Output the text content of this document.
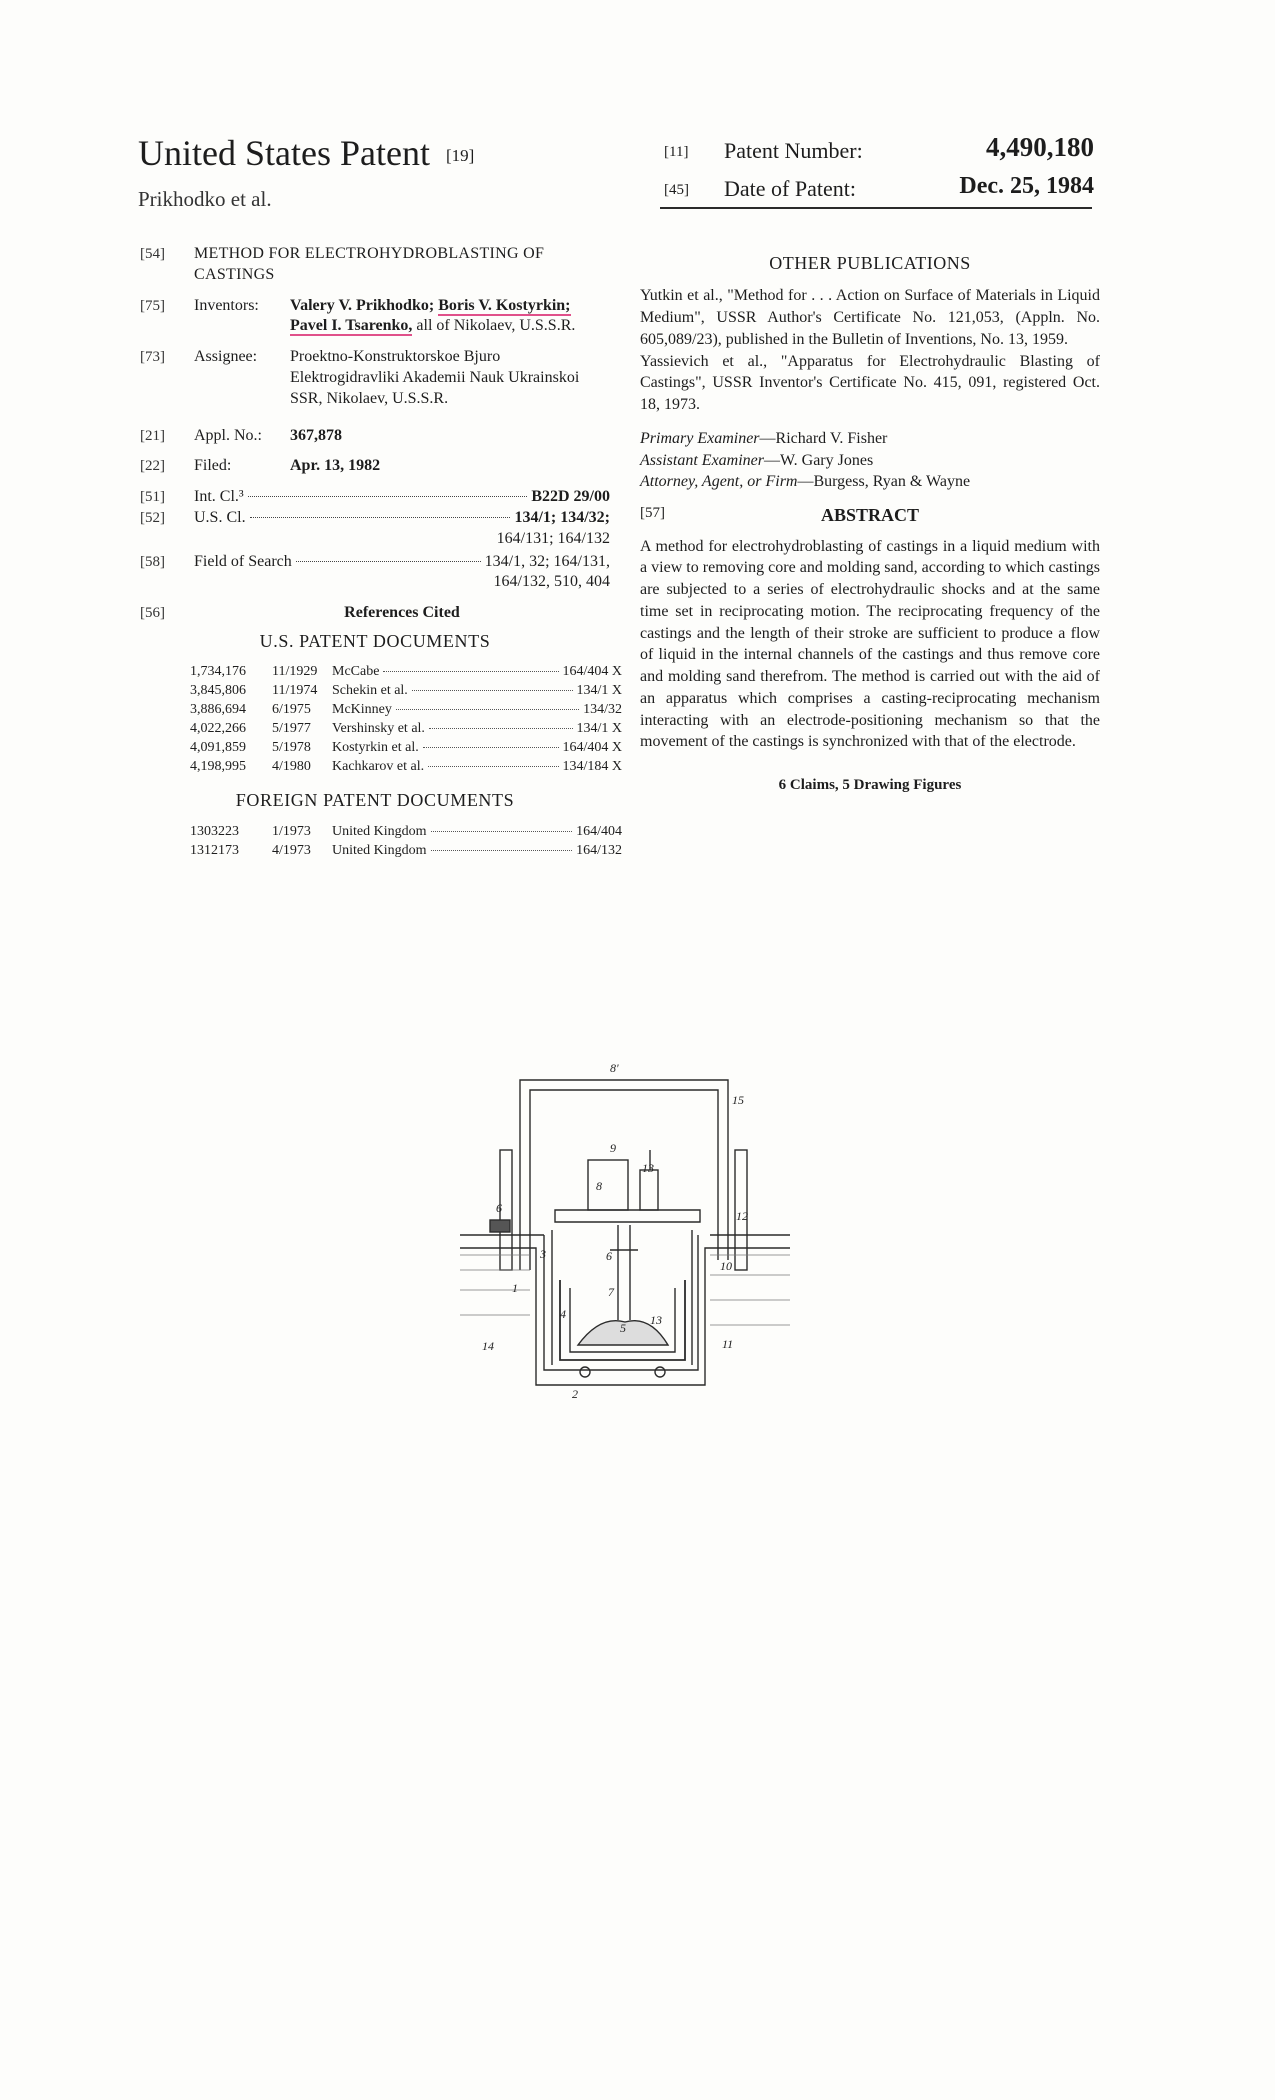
United States Patent [19]
Prikhodko et al.
[11] Patent Number:	4,490,180
[45] Date of Patent:	Dec. 25, 1984
[54] METHOD FOR ELECTROHYDROBLASTING OF CASTINGS
[75] Inventors:	Valery V. Prikhodko; Boris V. Kostyrkin; Pavel I. Tsarenko, all of Nikolaev, U.S.S.R.
[73] Assignee:	Proektno-Konstruktorskoe Bjuro Elektrogidravliki Akademii Nauk Ukrainskoi SSR, Nikolaev, U.S.S.R.
[21] Appl. No.:	367,878
[22] Filed:	Apr. 13, 1982
[51] Int. Cl.³	B22D 29/00
[52] U.S. Cl.	134/1; 134/32;
164/131; 164/132
[58] Field of Search	134/1, 32; 164/131,
164/132, 510, 404
[56]	References Cited
U.S. PATENT DOCUMENTS
1,734,176	11/1929	McCabe	164/404 X
3,845,806	11/1974	Schekin et al.	134/1 X
3,886,694	6/1975	McKinney	134/32
4,022,266	5/1977	Vershinsky et al.	134/1 X
4,091,859	5/1978	Kostyrkin et al.	164/404 X
4,198,995	4/1980	Kachkarov et al.	134/184 X
FOREIGN PATENT DOCUMENTS
1303223	1/1973	United Kingdom	164/404
1312173	4/1973	United Kingdom	164/132
OTHER PUBLICATIONS
Yutkin et al., "Method for . . . Action on Surface of Materials in Liquid Medium", USSR Author's Certificate No. 121,053, (Appln. No. 605,089/23), published in the Bulletin of Inventions, No. 13, 1959.
Yassievich et al., "Apparatus for Electrohydraulic Blasting of Castings", USSR Inventor's Certificate No. 415, 091, registered Oct. 18, 1973.
Primary Examiner—Richard V. Fisher
Assistant Examiner—W. Gary Jones
Attorney, Agent, or Firm—Burgess, Ryan & Wayne
[57]	ABSTRACT
A method for electrohydroblasting of castings in a liquid medium with a view to removing core and molding sand, according to which castings are subjected to a series of electrohydraulic shocks and at the same time set in reciprocating motion. The reciprocating frequency of the castings and the length of their stroke are sufficient to produce a flow of liquid in the internal channels of the castings and thus remove core and molding sand therefrom. The method is carried out with the aid of an apparatus which comprises a casting-reciprocating mechanism interacting with an electrode-positioning mechanism so that the movement of the castings is synchronized with that of the electrode.
6 Claims, 5 Drawing Figures
8'
15
9
13
8
12
6
3	6
10
1	7
4	13
5
14	11
2
